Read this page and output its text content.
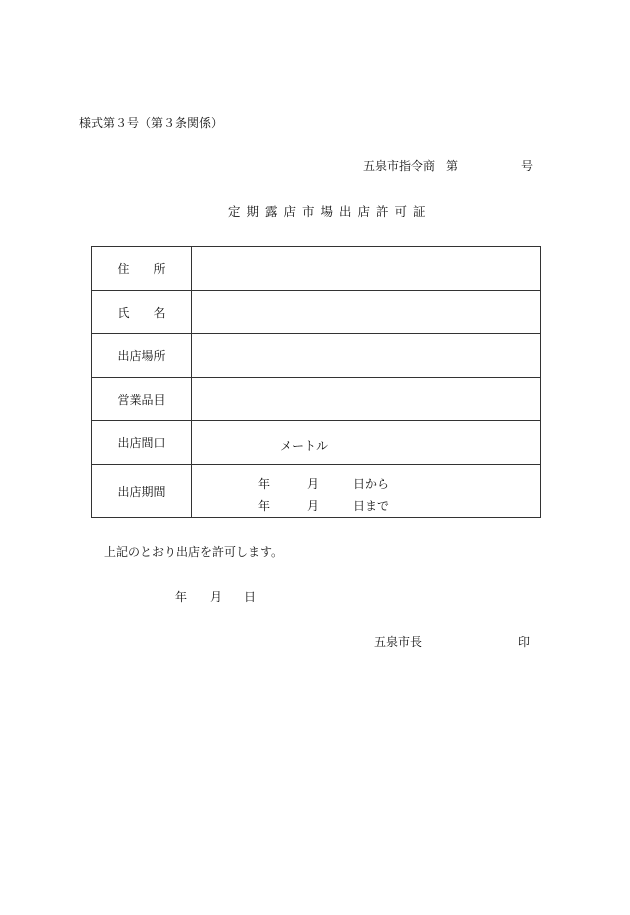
様式第３号（第３条関係）
五泉市指令商 第	号
定期露店市場出店許可証
住　　所
氏　　名
出店場所
営業品目
出店間口	メートル
出店期間
年	月	日から
年	月	日まで
上記のとおり出店を許可します。
年 月 日
五泉市長	印
